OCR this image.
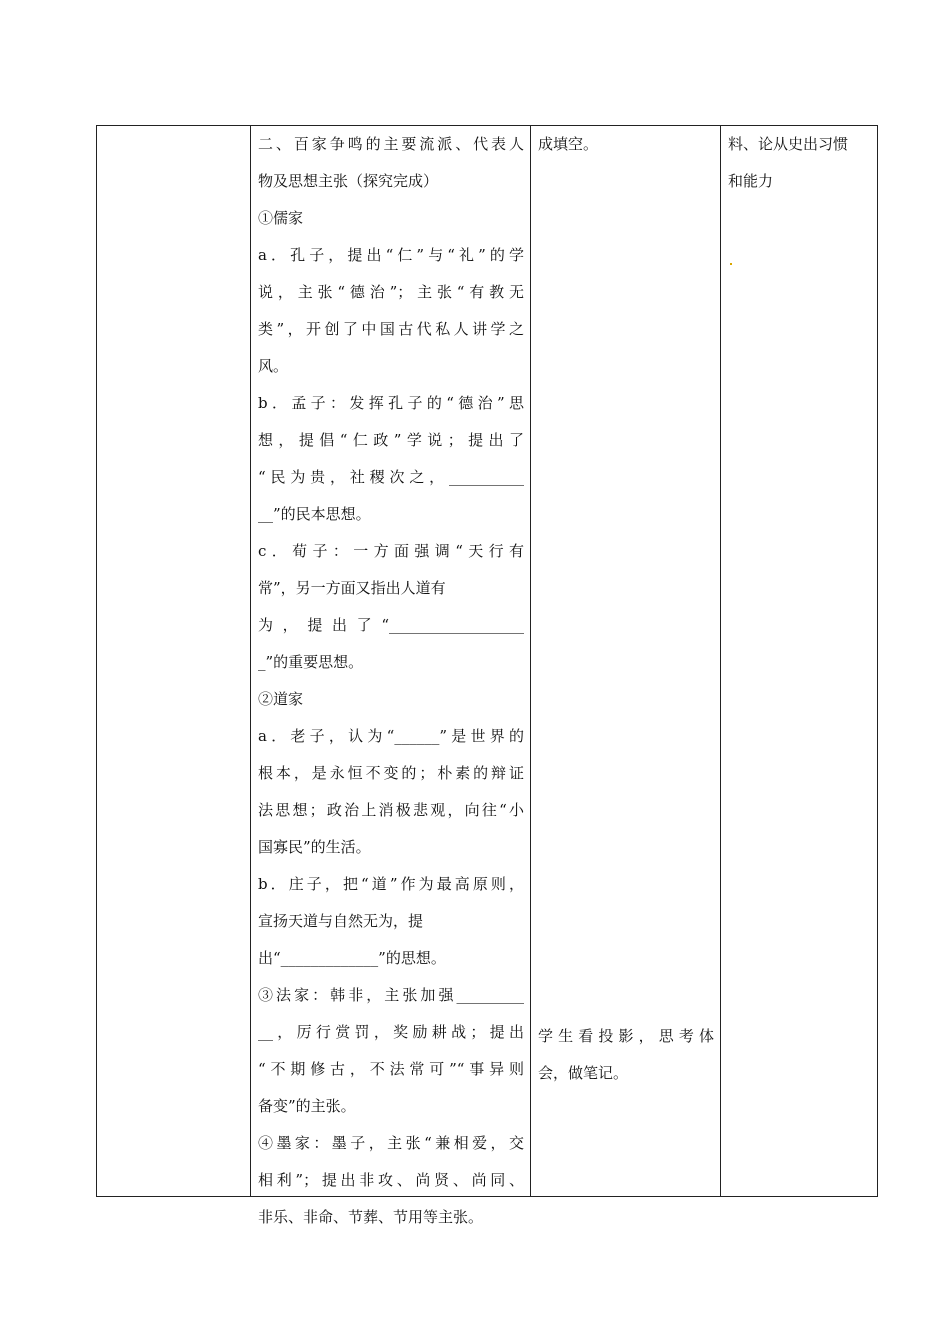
二、百家争鸣的主要流派、代表人
物及思想主张（探究完成）
①儒家
a．孔子，提出“仁”与“礼”的学
说，主张“德治”；主张“有教无
类”，开创了中国古代私人讲学之
风。
b．孟子：发挥孔子的“德治”思
想，提倡“仁政”学说；提出了
“民为贵，社稷次之，__________
__”的民本思想。
c．荀子：一方面强调“天行有
常”，另一方面又指出人道有
为，提出了“__________________
_”的重要思想。
②道家
a．老子，认为“______”是世界的
根本，是永恒不变的；朴素的辩证
法思想；政治上消极悲观，向往“小
国寡民”的生活。
b．庄子，把“道”作为最高原则，
宣扬天道与自然无为，提
出“_____________”的思想。
③法家：韩非，主张加强_________
__，厉行赏罚，奖励耕战；提出
“不期修古，不法常可”“事异则
备变”的主张。
④墨家：墨子，主张“兼相爱，交
相利”；提出非攻、尚贤、尚同、
非乐、非命、节葬、节用等主张。
成填空。
学生看投影，思考体
会，做笔记。
料、论从史出习惯
和能力
